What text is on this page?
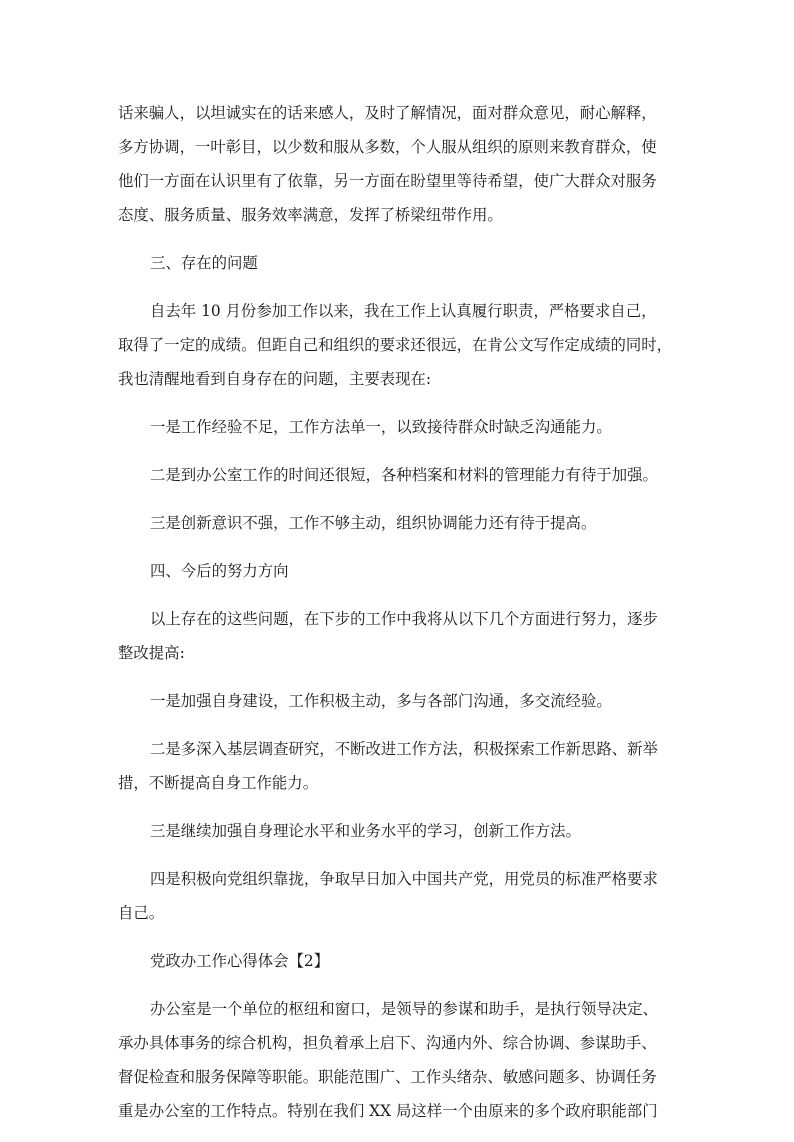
话来骗人，以坦诚实在的话来感人，及时了解情况，面对群众意见，耐心解释，
多方协调，一叶彰目，以少数和服从多数，个人服从组织的原则来教育群众，使
他们一方面在认识里有了依靠，另一方面在盼望里等待希望，使广大群众对服务
态度、服务质量、服务效率满意，发挥了桥梁纽带作用。
三、存在的问题
自去年 10 月份参加工作以来，我在工作上认真履行职责，严格要求自己，
取得了一定的成绩。但距自己和组织的要求还很远，在肯公文写作定成绩的同时，
我也清醒地看到自身存在的问题，主要表现在:
一是工作经验不足，工作方法单一，以致接待群众时缺乏沟通能力。
二是到办公室工作的时间还很短，各种档案和材料的管理能力有待于加强。
三是创新意识不强，工作不够主动，组织协调能力还有待于提高。
四、今后的努力方向
以上存在的这些问题，在下步的工作中我将从以下几个方面进行努力，逐步
整改提高:
一是加强自身建设，工作积极主动，多与各部门沟通，多交流经验。
二是多深入基层调查研究，不断改进工作方法，积极探索工作新思路、新举
措，不断提高自身工作能力。
三是继续加强自身理论水平和业务水平的学习，创新工作方法。
四是积极向党组织靠拢，争取早日加入中国共产党，用党员的标准严格要求
自己。
党政办工作心得体会【2】
办公室是一个单位的枢纽和窗口，是领导的参谋和助手，是执行领导决定、
承办具体事务的综合机构，担负着承上启下、沟通内外、综合协调、参谋助手、
督促检查和服务保障等职能。职能范围广、工作头绪杂、敏感问题多、协调任务
重是办公室的工作特点。特别在我们 XX 局这样一个由原来的多个政府职能部门
